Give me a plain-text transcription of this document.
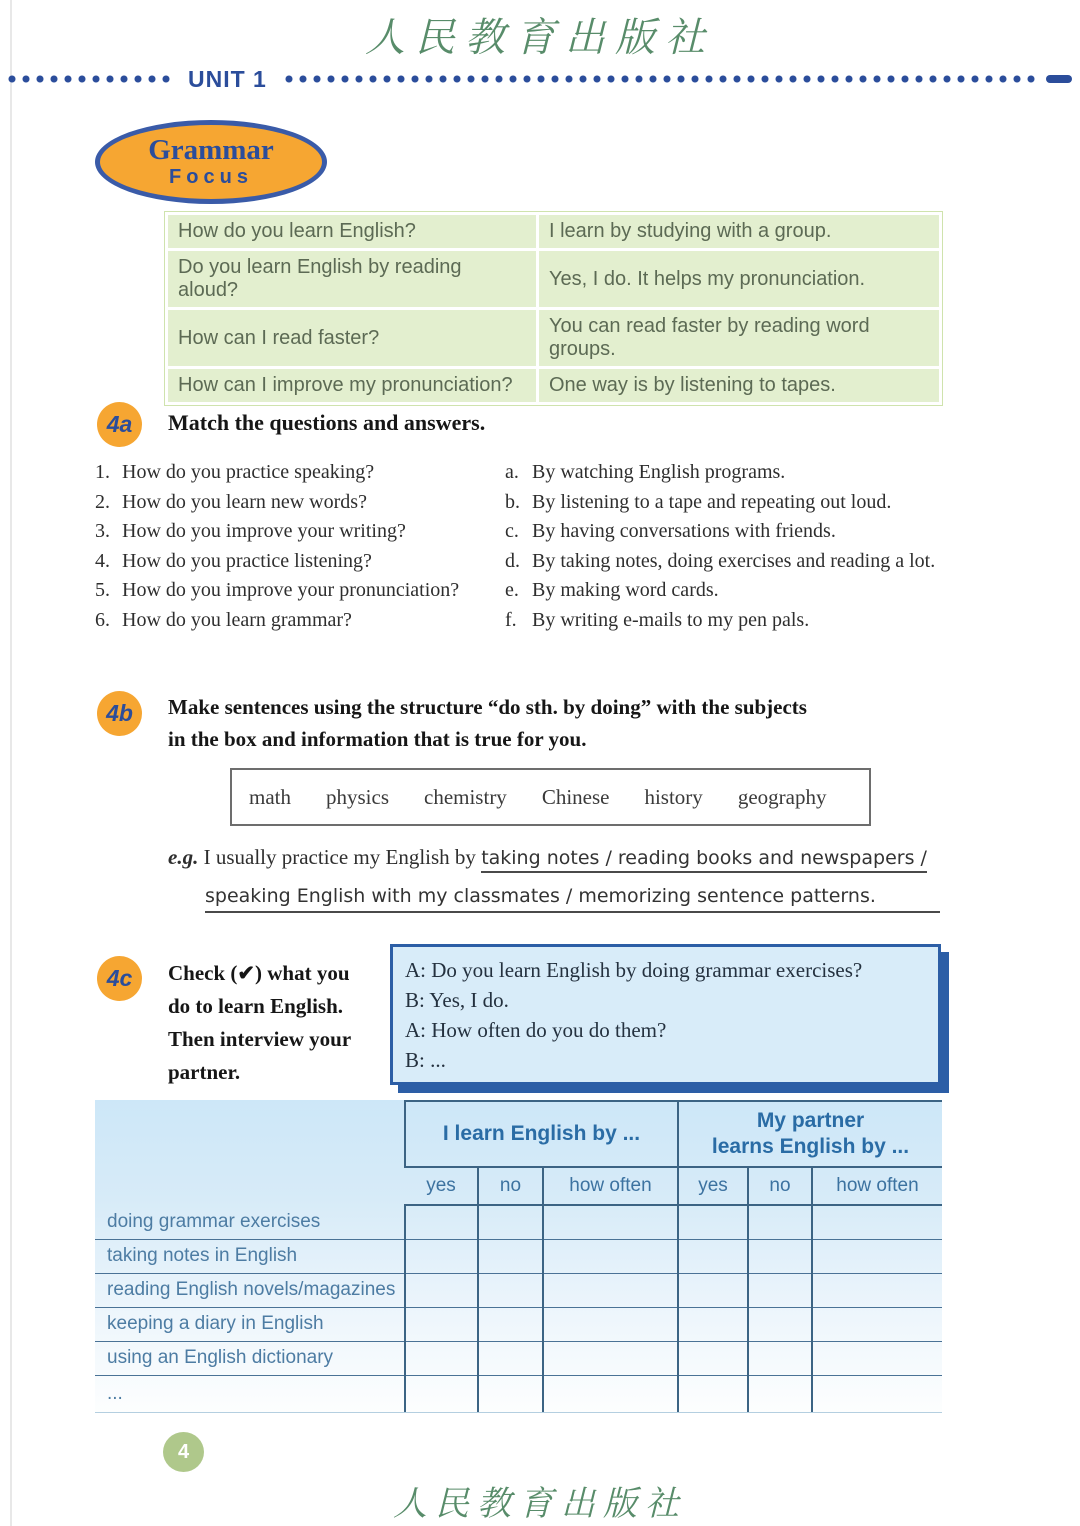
人民教育出版社
UNIT 1
Grammar
Focus
How do you learn English?	I learn by studying with a group.
Do you learn English by reading aloud?	Yes, I do. It helps my pronunciation.
How can I read faster?	You can read faster by reading word groups.
How can I improve my pronunciation?	One way is by listening to tapes.
4a	Match the questions and answers.
1. How do you practice speaking?
2. How do you learn new words?
3. How do you improve your writing?
4. How do you practice listening?
5. How do you improve your pronunciation?
6. How do you learn grammar?
a. By watching English programs.
b. By listening to a tape and repeating out loud.
c. By having conversations with friends.
d. By taking notes, doing exercises and reading a lot.
e. By making word cards.
f. By writing e-mails to my pen pals.
4b	Make sentences using the structure “do sth. by doing” with the subjects
in the box and information that is true for you.
math physics chemistry Chinese history geography
e.g. I usually practice my English by taking notes / reading books and newspapers /
speaking English with my classmates / memorizing sentence patterns.
4c	Check (✔) what you
do to learn English.
Then interview your
partner.
A: Do you learn English by doing grammar exercises?
B: Yes, I do.
A: How often do you do them?
B: ...
	I learn English by ...			My partner
learns English by ...		

	yes	no	how often	yes	no	how often
doing grammar exercises						
taking notes in English						
reading English novels/magazines						
keeping a diary in English						
using an English dictionary						
...						
4
人民教育出版社
